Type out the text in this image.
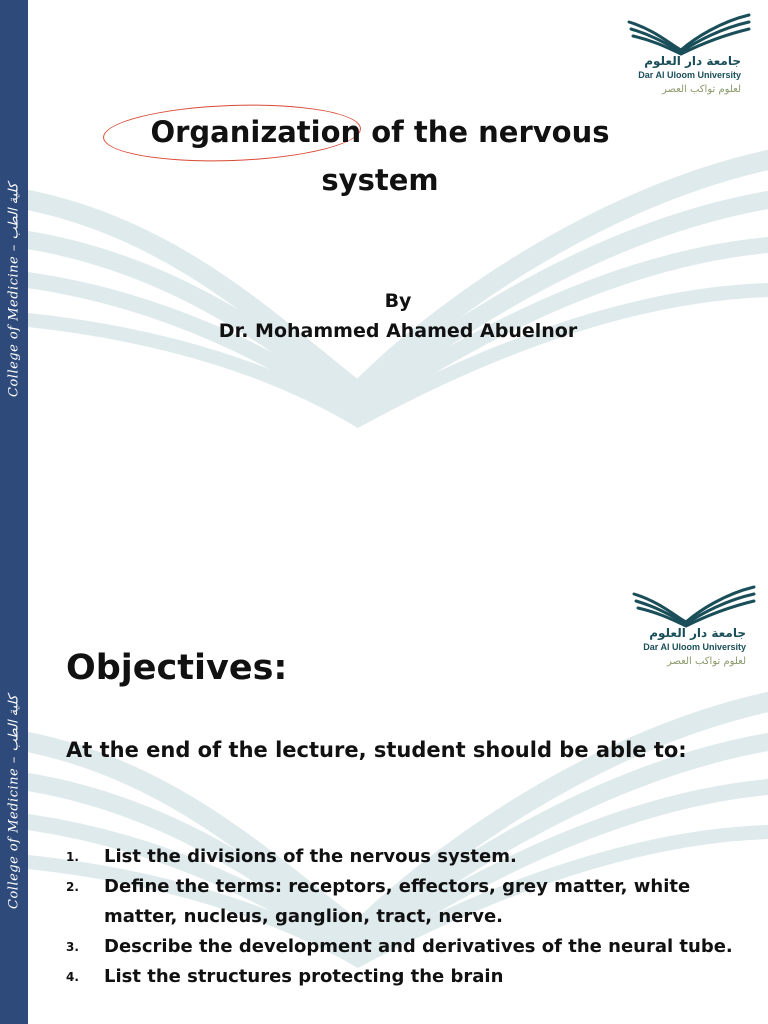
College of Medicine – كلية الطب
جامعة دار العلوم
Dar Al Uloom University
لعلوم تواكب العصر
Organization of the nervous
system
By
Dr. Mohammed Ahamed Abuelnor
College of Medicine – كلية الطب
جامعة دار العلوم
Dar Al Uloom University
لعلوم تواكب العصر
Objectives:
At the end of the lecture, student should be able to:
1. List the divisions of the nervous system.
2. Define the terms: receptors, effectors, grey matter, white matter, nucleus, ganglion, tract, nerve.
3. Describe the development and derivatives of the neural tube.
4. List the structures protecting the brain
